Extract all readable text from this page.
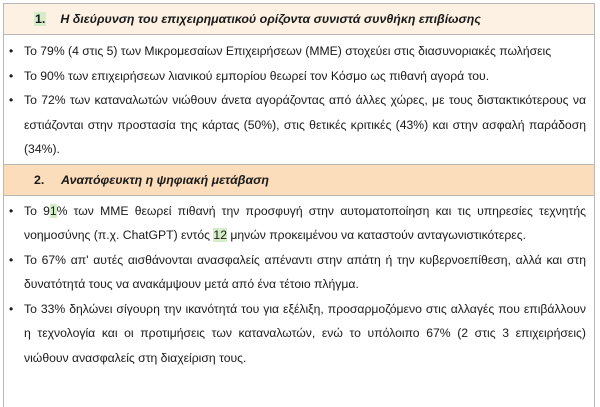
1. Η διεύρυνση του επιχειρηματικού ορίζοντα συνιστά συνθήκη επιβίωσης
• Το 79% (4 στις 5) των Μικρομεσαίων Επιχειρήσεων (ΜΜΕ) στοχεύει στις διασυνοριακές πωλήσεις
• Το 90% των επιχειρήσεων λιανικού εμπορίου θεωρεί τον Κόσμο ως πιθανή αγορά του.
• Το 72% των καταναλωτών νιώθουν άνετα αγοράζοντας από άλλες χώρες, με τους διστακτικότερους να εστιάζονται στην προστασία της κάρτας (50%), στις θετικές κριτικές (43%) και στην ασφαλή παράδοση (34%).
2.	Αναπόφευκτη η ψηφιακή μετάβαση
• Το 91% των ΜΜΕ θεωρεί πιθανή την προσφυγή στην αυτοματοποίηση και τις υπηρεσίες τεχνητής νοημοσύνης (π.χ. ChatGPT) εντός 12 μηνών προκειμένου να καταστούν ανταγωνιστικότερες.
• Το 67% απ' αυτές αισθάνονται ανασφαλείς απέναντι στην απάτη ή την κυβερνοεπίθεση, αλλά και στη δυνατότητά τους να ανακάμψουν μετά από ένα τέτοιο πλήγμα.
• Το 33% δηλώνει σίγουρη την ικανότητά του για εξέλιξη, προσαρμοζόμενο στις αλλαγές που επιβάλλουν η τεχνολογία και οι προτιμήσεις των καταναλωτών, ενώ το υπόλοιπο 67% (2 στις 3 επιχειρήσεις) νιώθουν ανασφαλείς στη διαχείριση τους.
